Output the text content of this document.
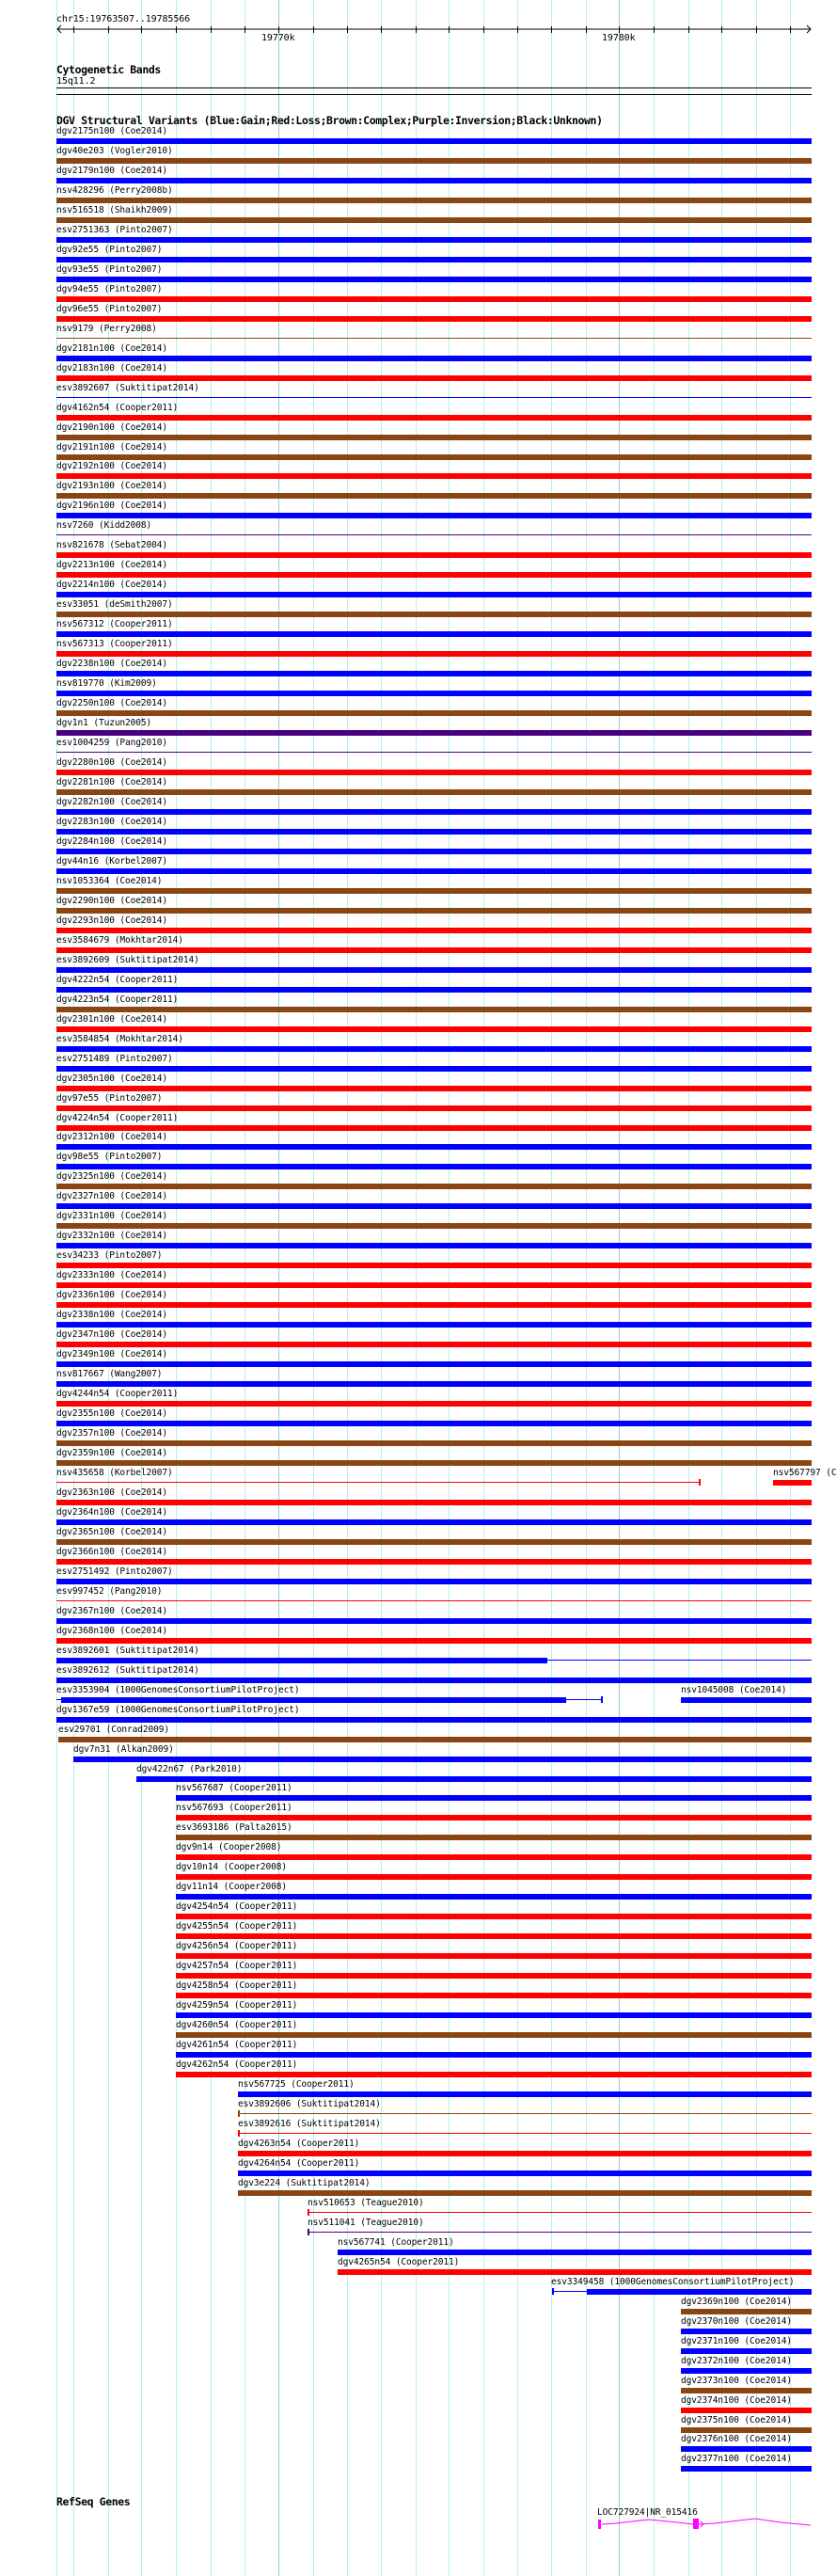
chr15:19763507..19785566
19770k	19780k
Cytogenetic Bands
15q11.2
DGV Structural Variants (Blue:Gain;Red:Loss;Brown:Complex;Purple:Inversion;Black:Unknown)
dgv2175n100 (Coe2014)
dgv40e203 (Vogler2010)
dgv2179n100 (Coe2014)
nsv428296 (Perry2008b)
nsv516518 (Shaikh2009)
esv2751363 (Pinto2007)
dgv92e55 (Pinto2007)
dgv93e55 (Pinto2007)
dgv94e55 (Pinto2007)
dgv96e55 (Pinto2007)
nsv9179 (Perry2008)
dgv2181n100 (Coe2014)
dgv2183n100 (Coe2014)
esv3892607 (Suktitipat2014)
dgv4162n54 (Cooper2011)
dgv2190n100 (Coe2014)
dgv2191n100 (Coe2014)
dgv2192n100 (Coe2014)
dgv2193n100 (Coe2014)
dgv2196n100 (Coe2014)
nsv7260 (Kidd2008)
nsv821678 (Sebat2004)
dgv2213n100 (Coe2014)
dgv2214n100 (Coe2014)
esv33051 (deSmith2007)
nsv567312 (Cooper2011)
nsv567313 (Cooper2011)
dgv2238n100 (Coe2014)
nsv819770 (Kim2009)
dgv2250n100 (Coe2014)
dgv1n1 (Tuzun2005)
esv1004259 (Pang2010)
dgv2280n100 (Coe2014)
dgv2281n100 (Coe2014)
dgv2282n100 (Coe2014)
dgv2283n100 (Coe2014)
dgv2284n100 (Coe2014)
dgv44n16 (Korbel2007)
nsv1053364 (Coe2014)
dgv2290n100 (Coe2014)
dgv2293n100 (Coe2014)
esv3584679 (Mokhtar2014)
esv3892609 (Suktitipat2014)
dgv4222n54 (Cooper2011)
dgv4223n54 (Cooper2011)
dgv2301n100 (Coe2014)
esv3584854 (Mokhtar2014)
esv2751489 (Pinto2007)
dgv2305n100 (Coe2014)
dgv97e55 (Pinto2007)
dgv4224n54 (Cooper2011)
dgv2312n100 (Coe2014)
dgv98e55 (Pinto2007)
dgv2325n100 (Coe2014)
dgv2327n100 (Coe2014)
dgv2331n100 (Coe2014)
dgv2332n100 (Coe2014)
esv34233 (Pinto2007)
dgv2333n100 (Coe2014)
dgv2336n100 (Coe2014)
dgv2338n100 (Coe2014)
dgv2347n100 (Coe2014)
dgv2349n100 (Coe2014)
nsv817667 (Wang2007)
dgv4244n54 (Cooper2011)
dgv2355n100 (Coe2014)
dgv2357n100 (Coe2014)
dgv2359n100 (Coe2014)
nsv435658 (Korbel2007)	nsv567797 (C
dgv2363n100 (Coe2014)
dgv2364n100 (Coe2014)
dgv2365n100 (Coe2014)
dgv2366n100 (Coe2014)
esv2751492 (Pinto2007)
esv997452 (Pang2010)
dgv2367n100 (Coe2014)
dgv2368n100 (Coe2014)
esv3892601 (Suktitipat2014)
esv3892612 (Suktitipat2014)
esv3353904 (1000GenomesConsortiumPilotProject)	nsv1045008 (Coe2014)
dgv1367e59 (1000GenomesConsortiumPilotProject)
esv29701 (Conrad2009)
dgv7n31 (Alkan2009)
dgv422n67 (Park2010)
nsv567687 (Cooper2011)
nsv567693 (Cooper2011)
esv3693186 (Palta2015)
dgv9n14 (Cooper2008)
dgv10n14 (Cooper2008)
dgv11n14 (Cooper2008)
dgv4254n54 (Cooper2011)
dgv4255n54 (Cooper2011)
dgv4256n54 (Cooper2011)
dgv4257n54 (Cooper2011)
dgv4258n54 (Cooper2011)
dgv4259n54 (Cooper2011)
dgv4260n54 (Cooper2011)
dgv4261n54 (Cooper2011)
dgv4262n54 (Cooper2011)
nsv567725 (Cooper2011)
esv3892606 (Suktitipat2014)
esv3892616 (Suktitipat2014)
dgv4263n54 (Cooper2011)
dgv4264n54 (Cooper2011)
dgv3e224 (Suktitipat2014)
nsv510653 (Teague2010)
nsv511041 (Teague2010)
nsv567741 (Cooper2011)
dgv4265n54 (Cooper2011)
esv3349458 (1000GenomesConsortiumPilotProject)
dgv2369n100 (Coe2014)
dgv2370n100 (Coe2014)
dgv2371n100 (Coe2014)
dgv2372n100 (Coe2014)
dgv2373n100 (Coe2014)
dgv2374n100 (Coe2014)
dgv2375n100 (Coe2014)
dgv2376n100 (Coe2014)
dgv2377n100 (Coe2014)
RefSeq Genes
LOC727924|NR_015416
